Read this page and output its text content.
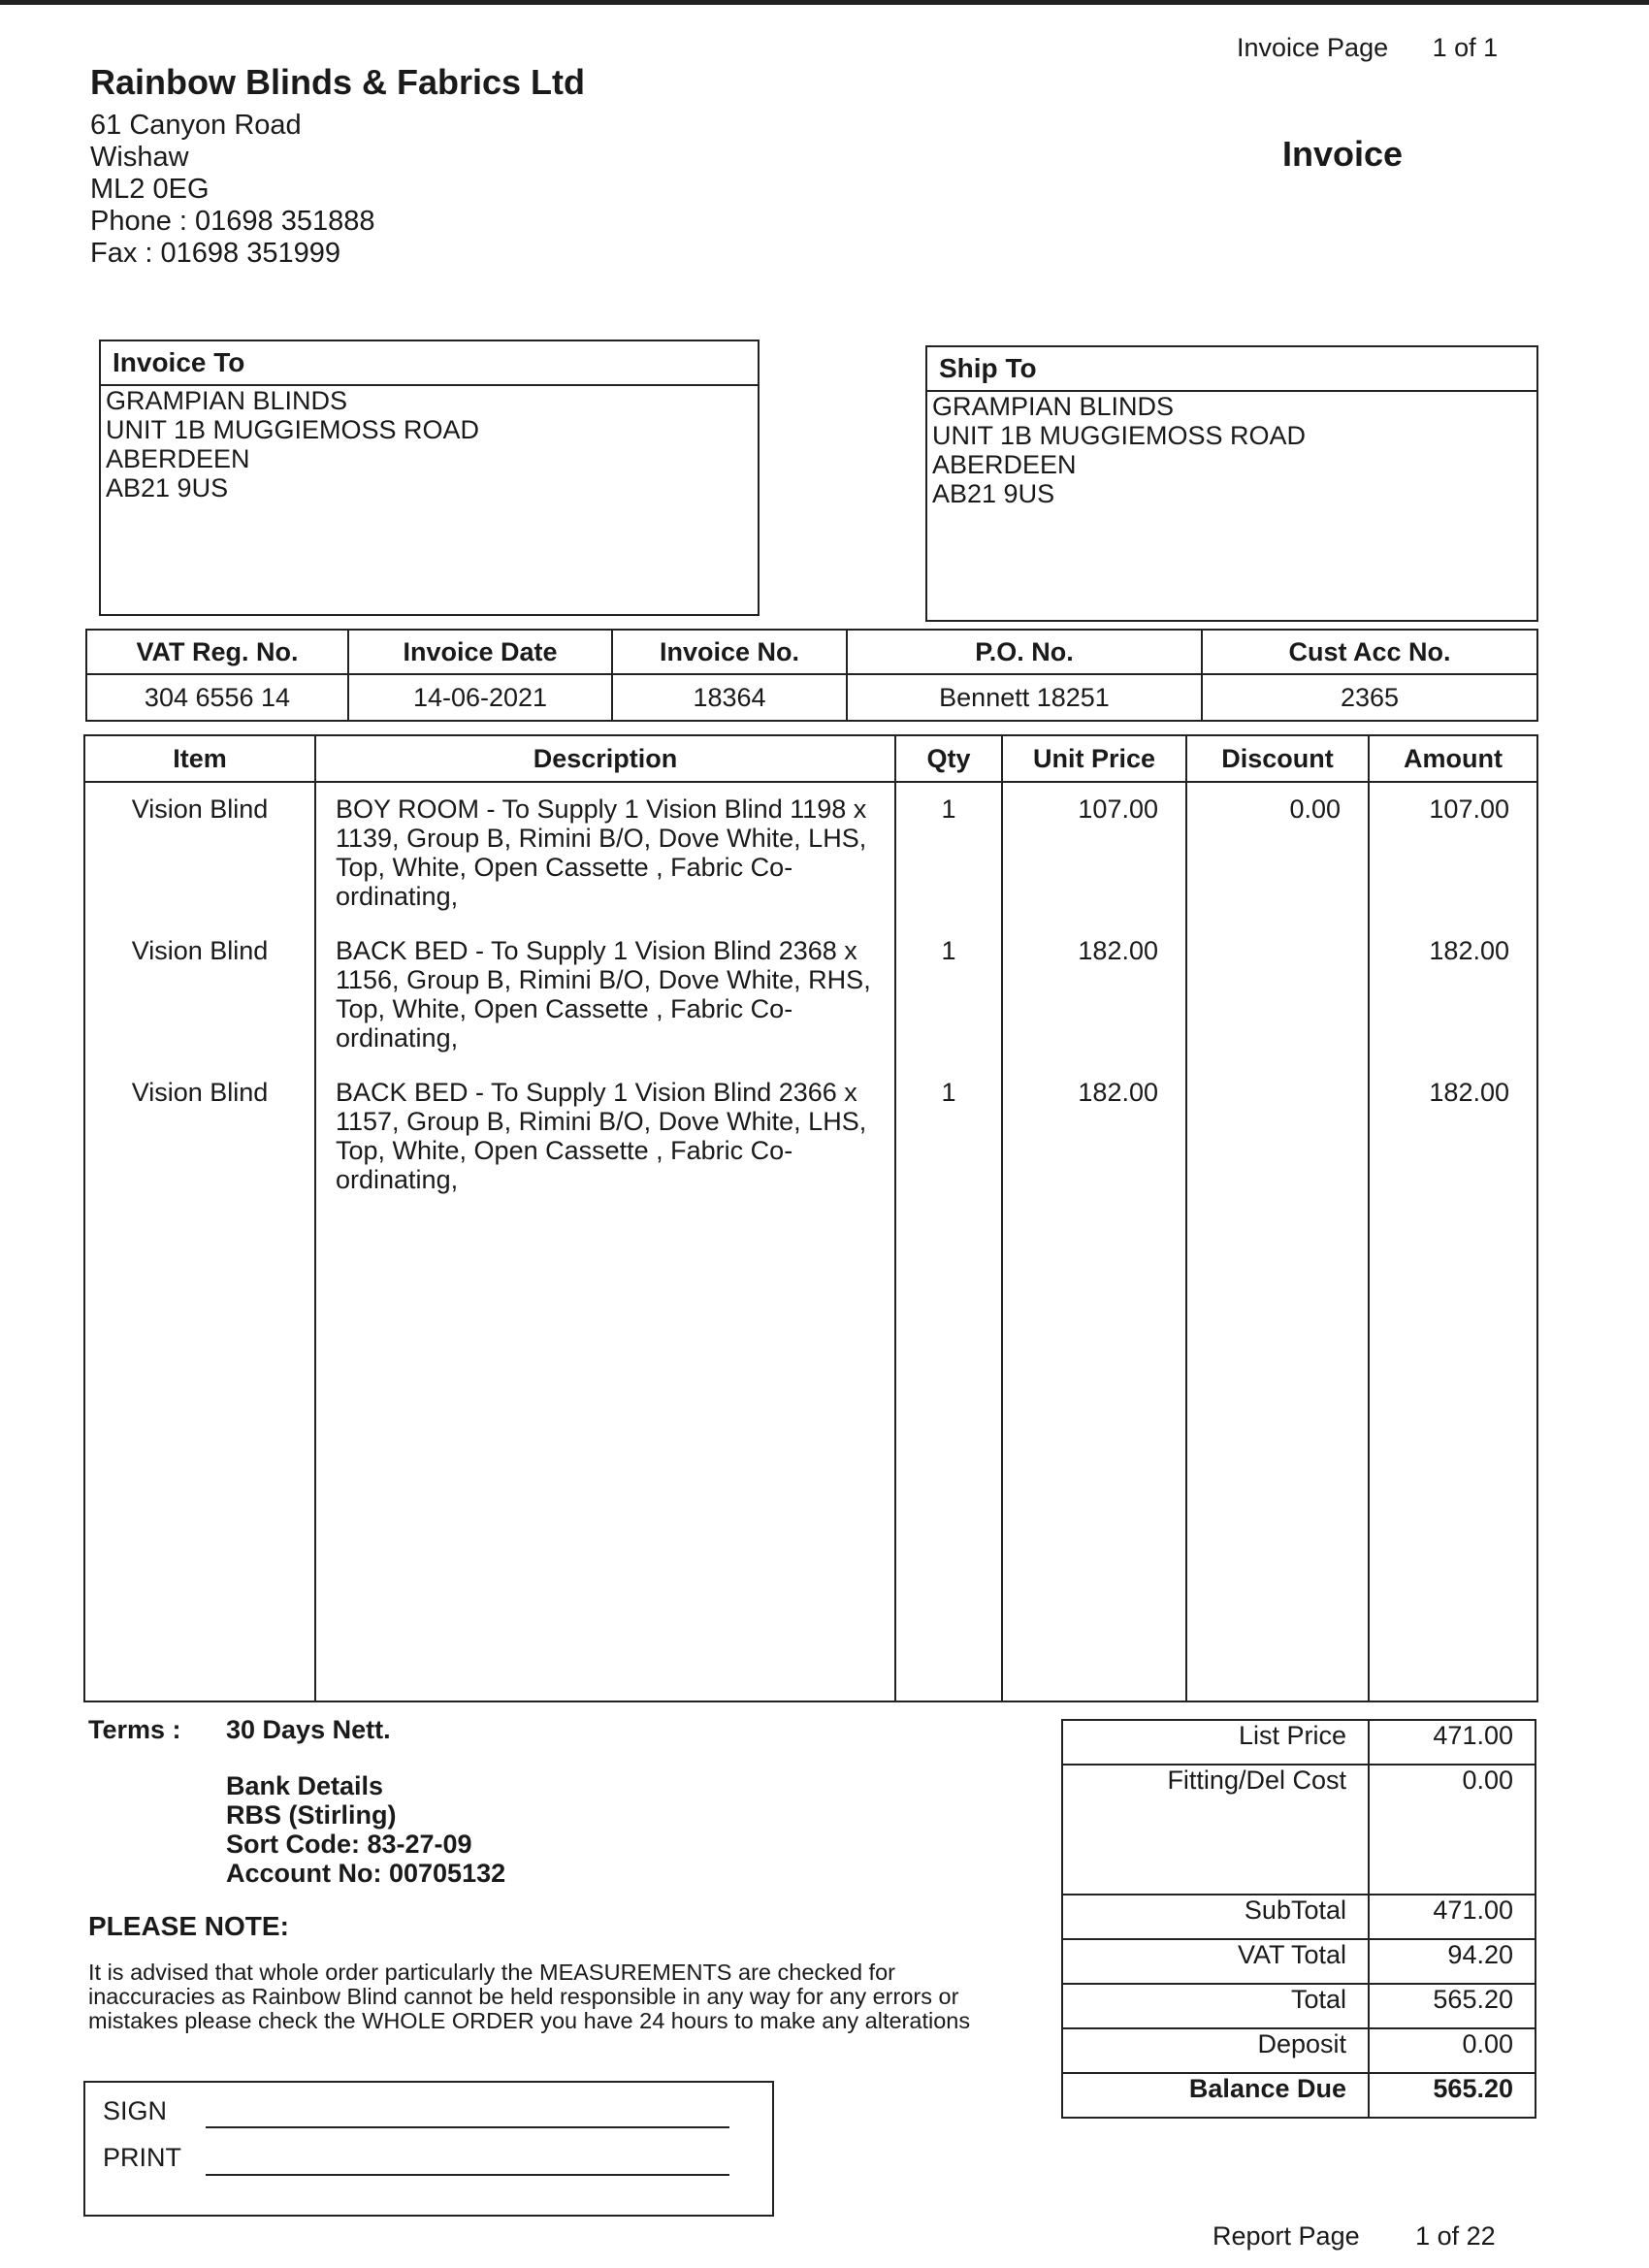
Rainbow Blinds & Fabrics Ltd
61 Canyon Road
Wishaw
ML2 0EG
Phone : 01698 351888
Fax : 01698 351999
Invoice Page 1 of 1
Invoice
Invoice To
GRAMPIAN BLINDS
UNIT 1B MUGGIEMOSS ROAD
ABERDEEN
AB21 9US
Ship To
GRAMPIAN BLINDS
UNIT 1B MUGGIEMOSS ROAD
ABERDEEN
AB21 9US
VAT Reg. No.	Invoice Date	Invoice No.	P.O. No.	Cust Acc No.
304 6556 14	14-06-2021	18364	Bennett 18251	2365
Item	Description	Qty	Unit Price	Discount	Amount
Vision Blind	BOY ROOM - To Supply 1 Vision Blind 1198 x 1139, Group B, Rimini B/O, Dove White, LHS, Top, White, Open Cassette , Fabric Co-ordinating,	1	107.00	0.00	107.00
Vision Blind	BACK BED - To Supply 1 Vision Blind 2368 x 1156, Group B, Rimini B/O, Dove White, RHS, Top, White, Open Cassette , Fabric Co-ordinating,	1	182.00		182.00
Vision Blind	BACK BED - To Supply 1 Vision Blind 2366 x 1157, Group B, Rimini B/O, Dove White, LHS, Top, White, Open Cassette , Fabric Co-ordinating,	1	182.00		182.00

Terms : 30 Days Nett.
Bank Details
RBS (Stirling)
Sort Code: 83-27-09
Account No: 00705132
PLEASE NOTE:
It is advised that whole order particularly the MEASUREMENTS are checked for
inaccuracies as Rainbow Blind cannot be held responsible in any way for any errors or
mistakes please check the WHOLE ORDER you have 24 hours to make any alterations
SIGN
PRINT
List Price	471.00
Fitting/Del Cost	0.00
SubTotal	471.00
VAT Total	94.20
Total	565.20
Deposit	0.00
Balance Due	565.20
Report Page 1 of 22
